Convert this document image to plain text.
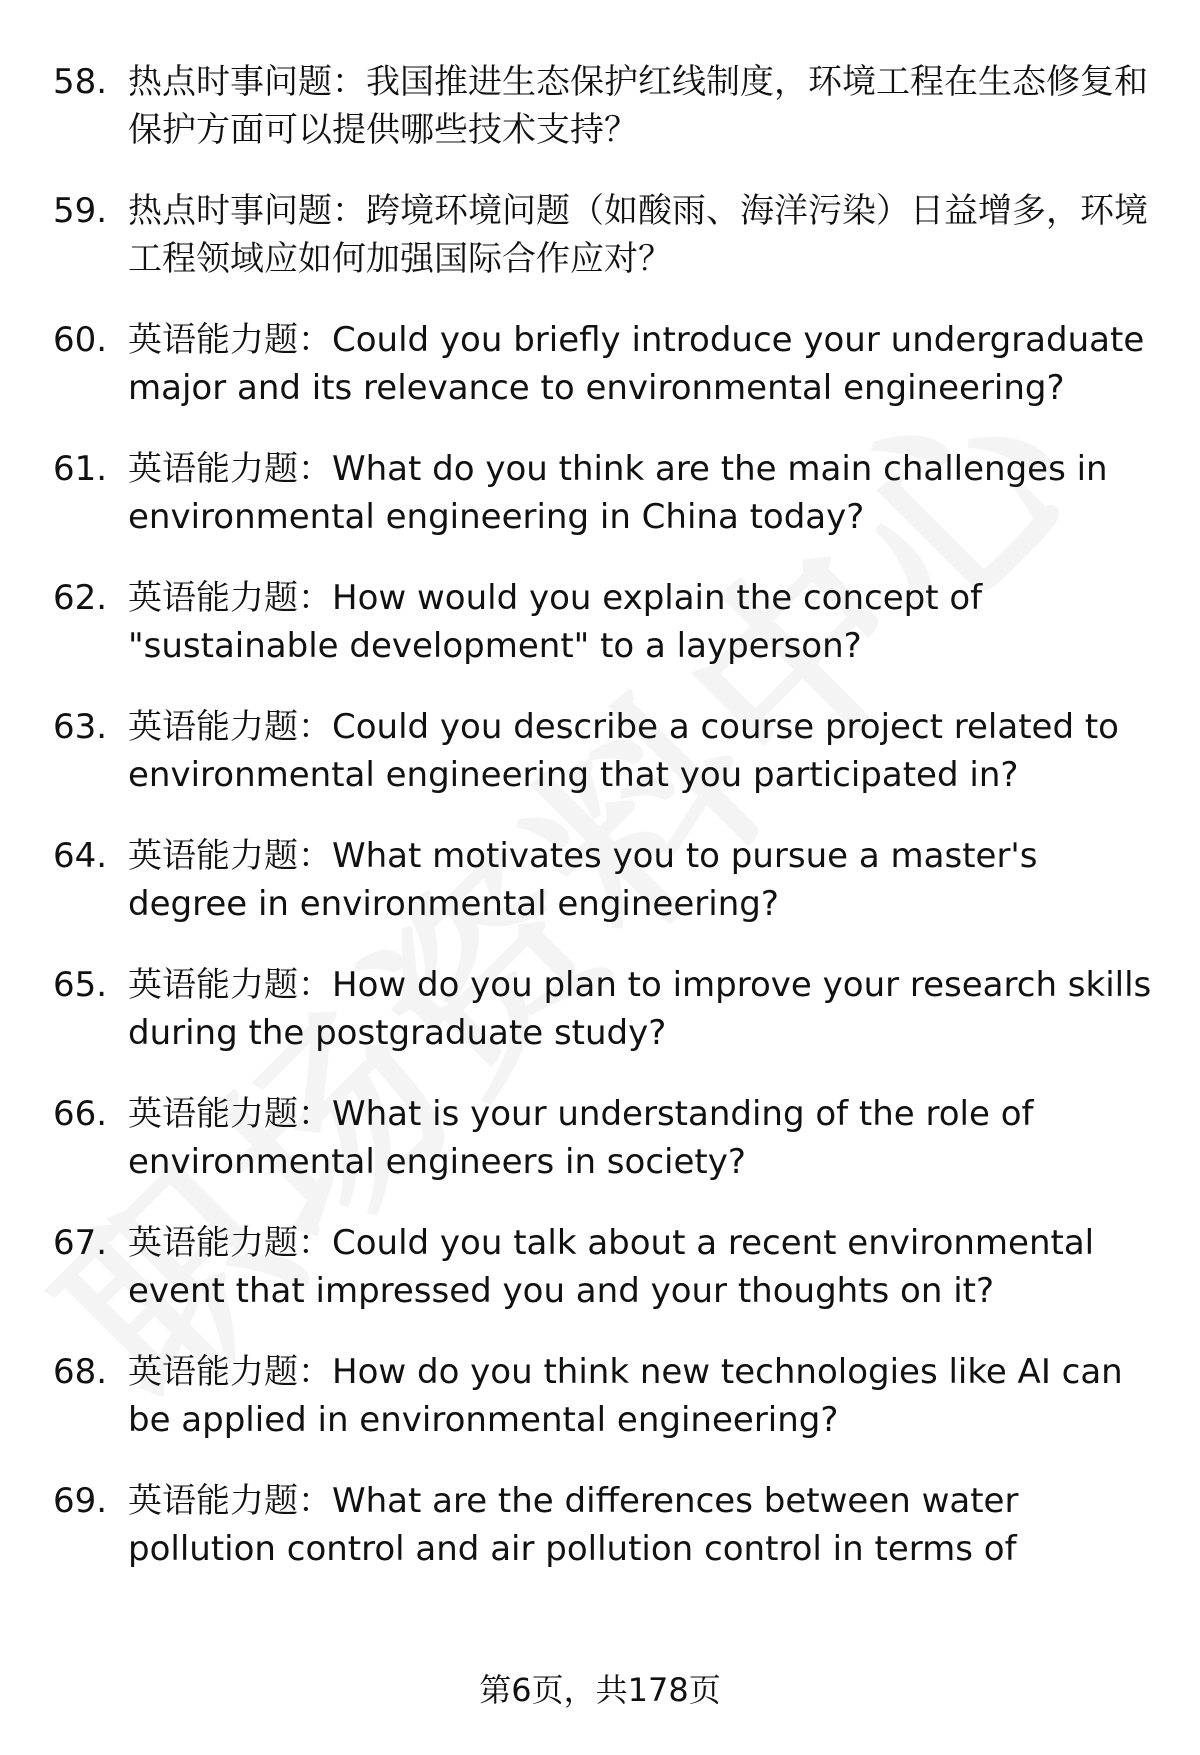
58. 热点时事问题：我国推进生态保护红线制度，环境工程在生态修复和保护方面可以提供哪些技术支持？
59. 热点时事问题：跨境环境问题（如酸雨、海洋污染）日益增多，环境工程领域应如何加强国际合作应对？
60. 英语能力题：Could you briefly introduce your undergraduate major and its relevance to environmental engineering?
61. 英语能力题：What do you think are the main challenges in environmental engineering in China today?
62. 英语能力题：How would you explain the concept of "sustainable development" to a layperson?
63. 英语能力题：Could you describe a course project related to environmental engineering that you participated in?
64. 英语能力题：What motivates you to pursue a master's degree in environmental engineering?
65. 英语能力题：How do you plan to improve your research skills during the postgraduate study?
66. 英语能力题：What is your understanding of the role of environmental engineers in society?
67. 英语能力题：Could you talk about a recent environmental event that impressed you and your thoughts on it?
68. 英语能力题：How do you think new technologies like AI can be applied in environmental engineering?
69. 英语能力题：What are the differences between water pollution control and air pollution control in terms of
第6页，共178页
